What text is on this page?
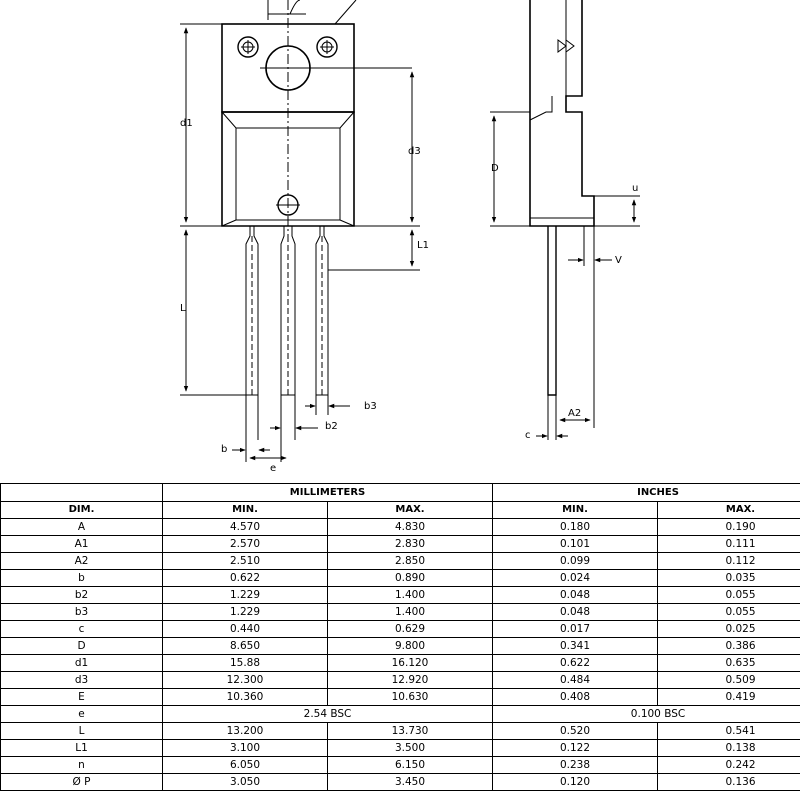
d1
d3
L1
L
b3
b2
b
e
D
u
V
A2
c
	MILLIMETERS		INCHES	
DIM.	MIN.	MAX.	MIN.	MAX.
A	4.570	4.830	0.180	0.190
A1	2.570	2.830	0.101	0.111
A2	2.510	2.850	0.099	0.112
b	0.622	0.890	0.024	0.035
b2	1.229	1.400	0.048	0.055
b3	1.229	1.400	0.048	0.055
c	0.440	0.629	0.017	0.025
D	8.650	9.800	0.341	0.386
d1	15.88	16.120	0.622	0.635
d3	12.300	12.920	0.484	0.509
E	10.360	10.630	0.408	0.419
e	2.54 BSC		0.100 BSC	
L	13.200	13.730	0.520	0.541
L1	3.100	3.500	0.122	0.138
n	6.050	6.150	0.238	0.242
Ø P	3.050	3.450	0.120	0.136
